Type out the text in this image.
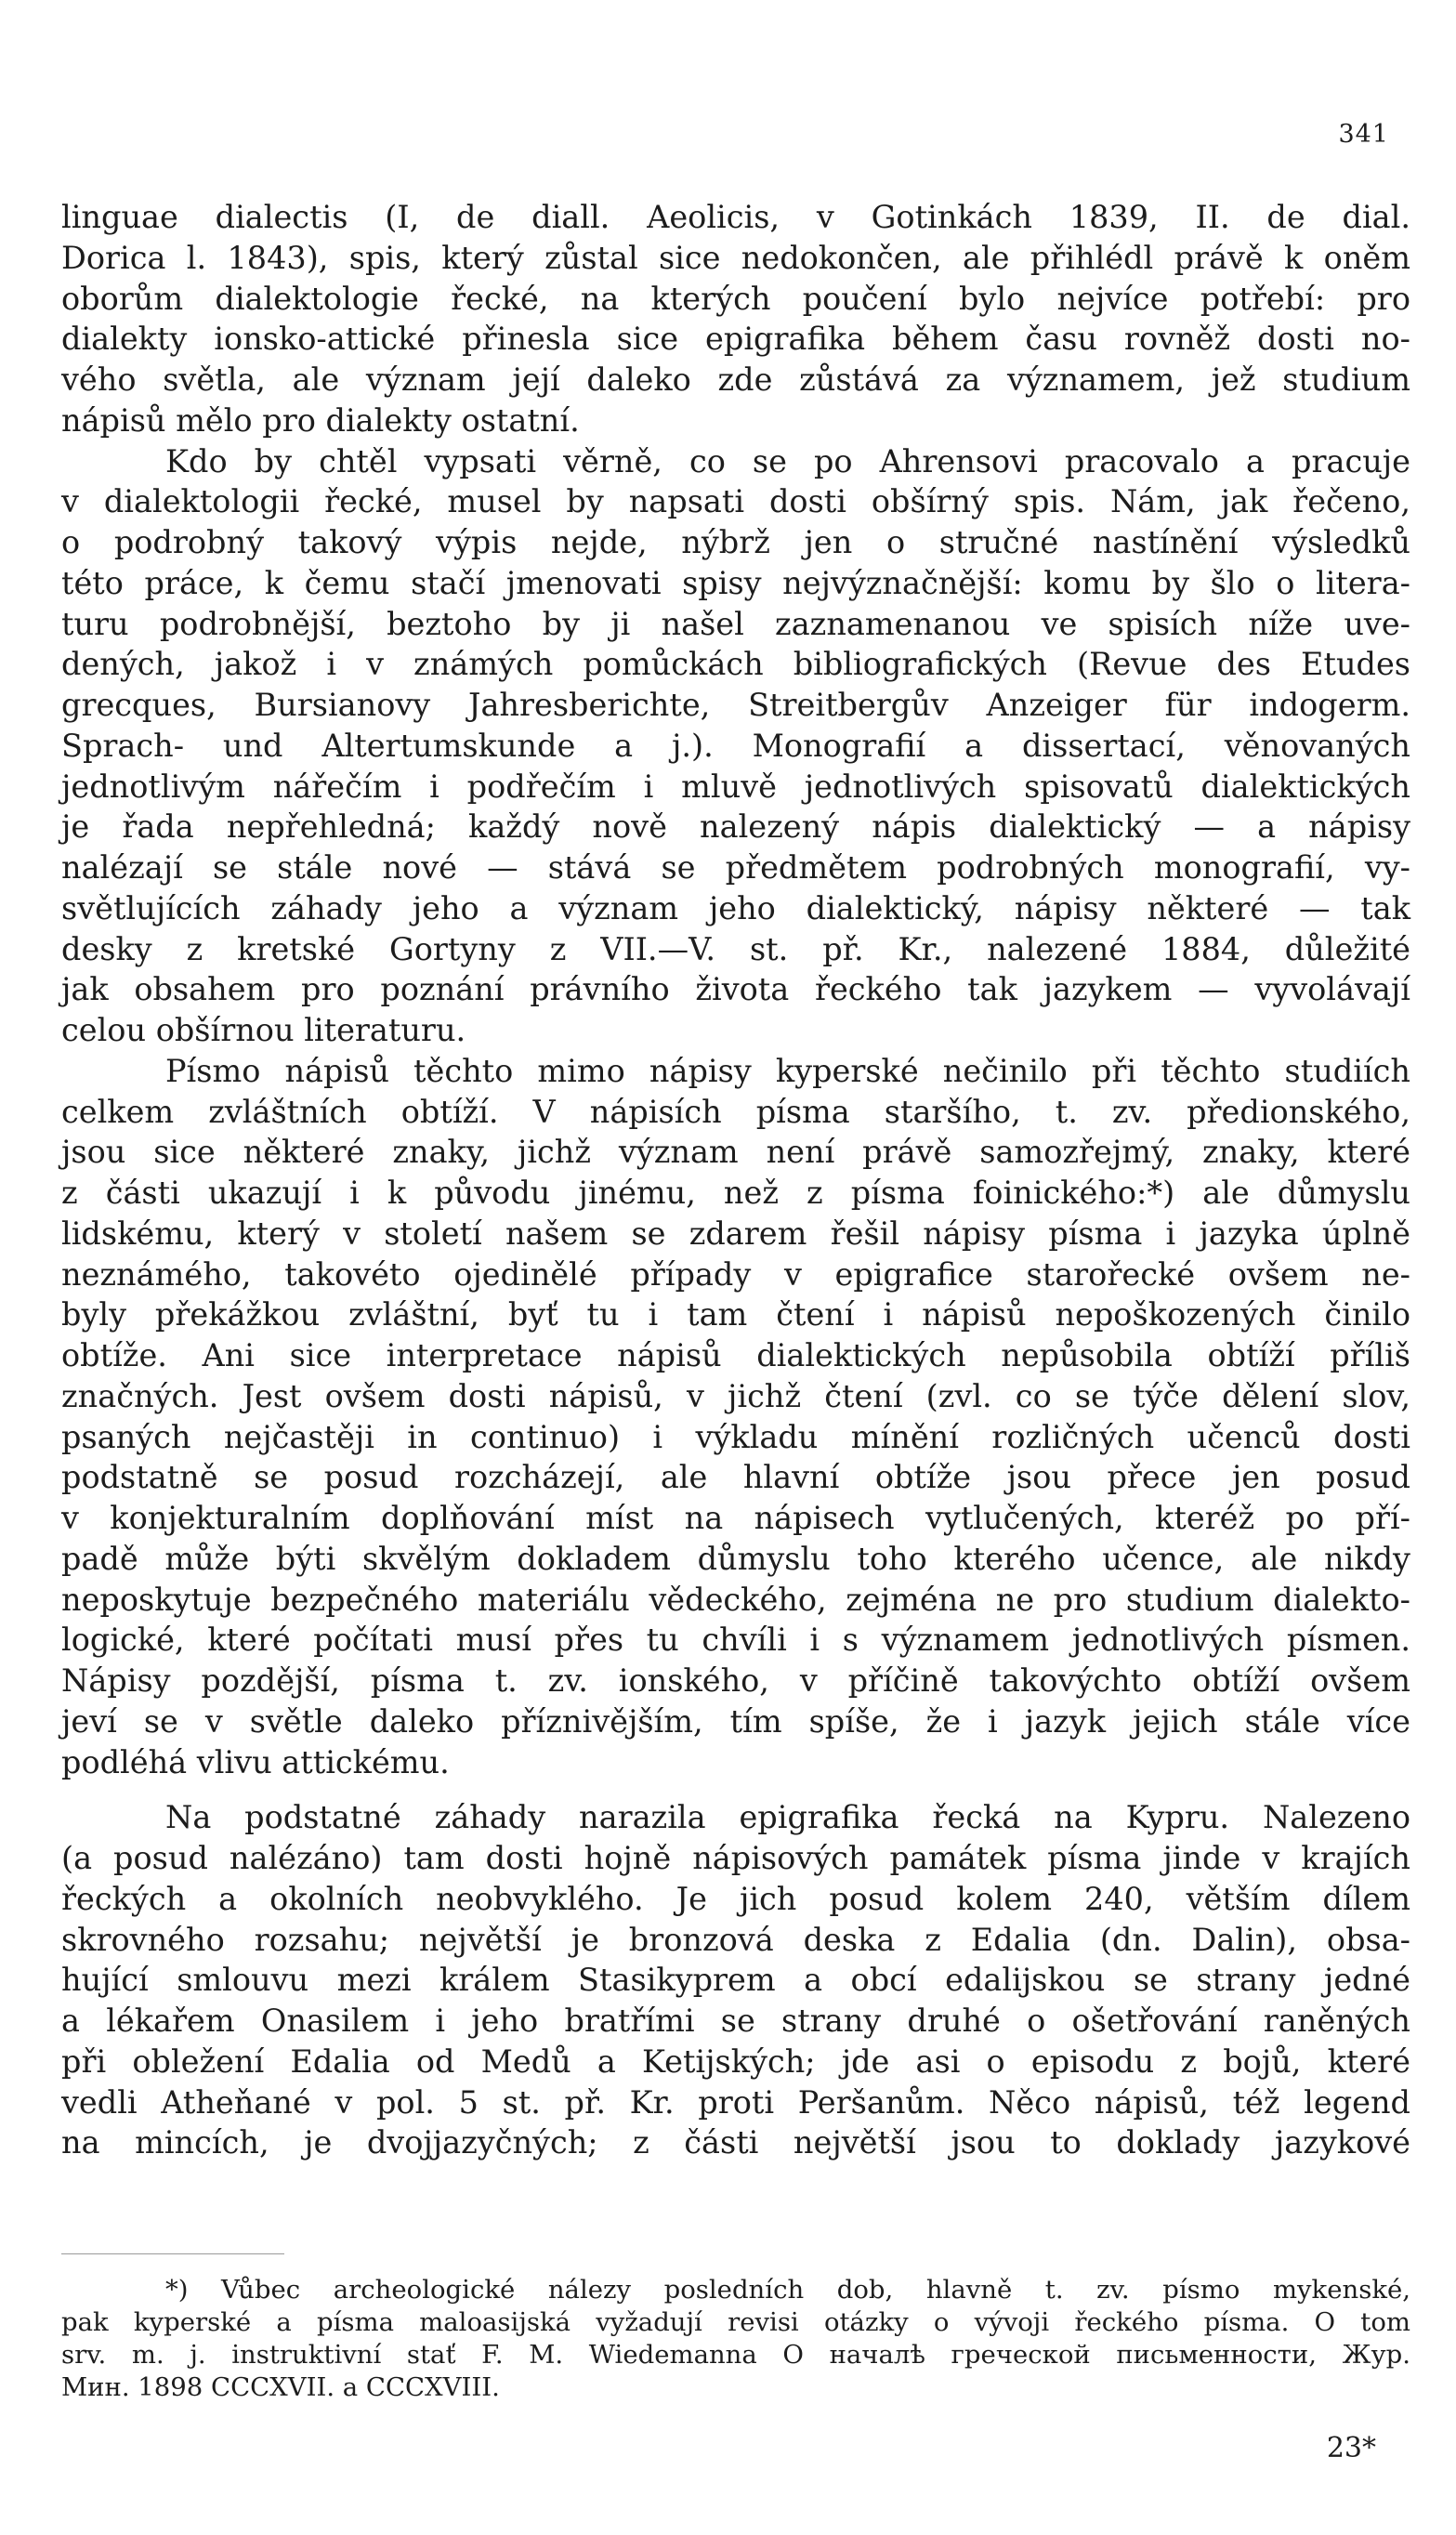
341
linguae dialectis (I, de diall. Aeolicis, v Gotinkách 1839, II. de dial.
Dorica l. 1843), spis, který zůstal sice nedokončen, ale přihlédl právě k oněm
oborům dialektologie řecké, na kterých poučení bylo nejvíce potřebí: pro
dialekty ionsko-attické přinesla sice epigrafika během času rovněž dosti no-
vého světla, ale význam její daleko zde zůstává za významem, jež studium
nápisů mělo pro dialekty ostatní.
Kdo by chtěl vypsati věrně, co se po Ahrensovi pracovalo a pracuje
v dialektologii řecké, musel by napsati dosti obšírný spis. Nám, jak řečeno,
o podrobný takový výpis nejde, nýbrž jen o stručné nastínění výsledků
této práce, k čemu stačí jmenovati spisy nejvýznačnější: komu by šlo o litera-
turu podrobnější, beztoho by ji našel zaznamenanou ve spisích níže uve-
dených, jakož i v známých pomůckách bibliografických (Revue des Etudes
grecques, Bursianovy Jahresberichte, Streitbergův Anzeiger für indogerm.
Sprach- und Altertumskunde a j.). Monografií a dissertací, věnovaných
jednotlivým nářečím i podřečím i mluvě jednotlivých spisovatů dialektických
je řada nepřehledná; každý nově nalezený nápis dialektický — a nápisy
nalézají se stále nové — stává se předmětem podrobných monografií, vy-
světlujících záhady jeho a význam jeho dialektický, nápisy některé — tak
desky z kretské Gortyny z VII.—V. st. př. Kr., nalezené 1884, důležité
jak obsahem pro poznání právního života řeckého tak jazykem — vyvolávají
celou obšírnou literaturu.
Písmo nápisů těchto mimo nápisy kyperské nečinilo při těchto studiích
celkem zvláštních obtíží. V nápisích písma staršího, t. zv. předionského,
jsou sice některé znaky, jichž význam není právě samozřejmý, znaky, které
z části ukazují i k původu jinému, než z písma foinického:*) ale důmyslu
lidskému, který v století našem se zdarem řešil nápisy písma i jazyka úplně
neznámého, takovéto ojedinělé případy v epigrafice starořecké ovšem ne-
byly překážkou zvláštní, byť tu i tam čtení i nápisů nepoškozených činilo
obtíže. Ani sice interpretace nápisů dialektických nepůsobila obtíží příliš
značných. Jest ovšem dosti nápisů, v jichž čtení (zvl. co se týče dělení slov,
psaných nejčastěji in continuo) i výkladu mínění rozličných učenců dosti
podstatně se posud rozcházejí, ale hlavní obtíže jsou přece jen posud
v konjekturalním doplňování míst na nápisech vytlučených, kteréž po pří-
padě může býti skvělým dokladem důmyslu toho kterého učence, ale nikdy
neposkytuje bezpečného materiálu vědeckého, zejména ne pro studium dialekto-
logické, které počítati musí přes tu chvíli i s významem jednotlivých písmen.
Nápisy pozdější, písma t. zv. ionského, v příčině takovýchto obtíží ovšem
jeví se v světle daleko příznivějším, tím spíše, že i jazyk jejich stále více
podléhá vlivu attickému.
Na podstatné záhady narazila epigrafika řecká na Kypru. Nalezeno
(a posud nalézáno) tam dosti hojně nápisových památek písma jinde v krajích
řeckých a okolních neobvyklého. Je jich posud kolem 240, větším dílem
skrovného rozsahu; největší je bronzová deska z Edalia (dn. Dalin), obsa-
hující smlouvu mezi králem Stasikyprem a obcí edalijskou se strany jedné
a lékařem Onasilem i jeho bratřími se strany druhé o ošetřování raněných
při obležení Edalia od Medů a Ketijských; jde asi o episodu z bojů, které
vedli Atheňané v pol. 5 st. př. Kr. proti Peršanům. Něco nápisů, též legend
na mincích, je dvojjazyčných; z části největší jsou to doklady jazykové
*) Vůbec archeologické nálezy posledních dob, hlavně t. zv. písmo mykenské,
pak kyperské a písma maloasijská vyžadují revisi otázky o vývoji řeckého písma. O tom
srv. m. j. instruktivní stať F. M. Wiedemanna О началѣ греческой письменности, Жур.
Мин. 1898 CCCXVII. a CCCXVIII.
23*
